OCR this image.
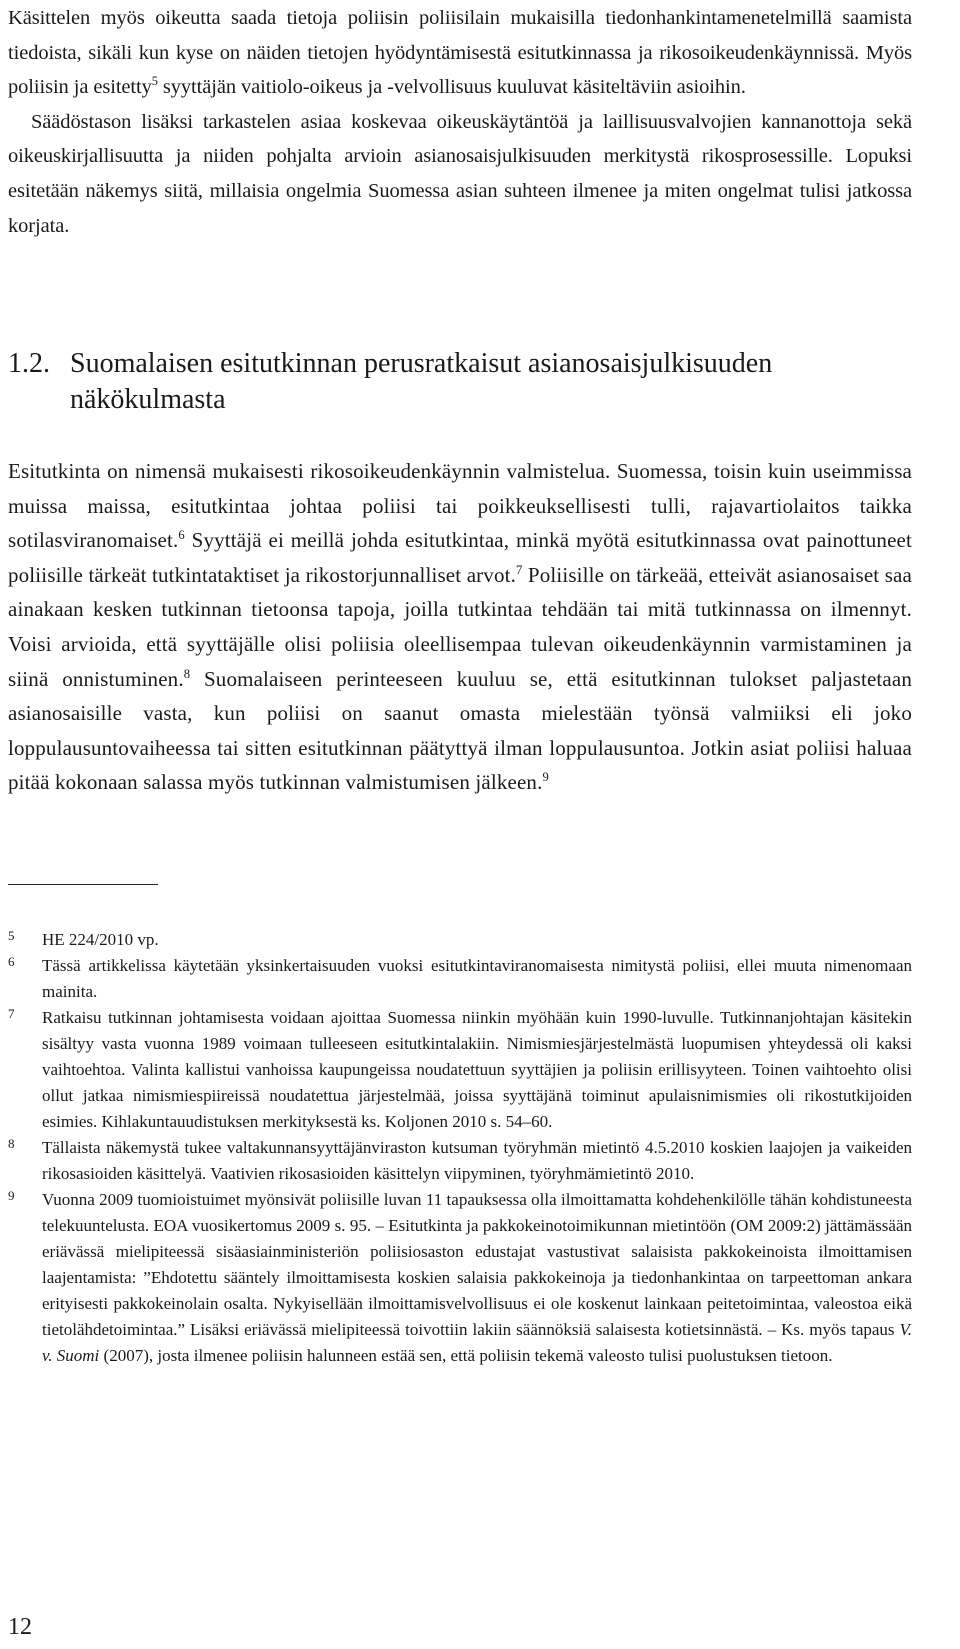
Käsittelen myös oikeutta saada tietoja poliisin poliisilain mukaisilla tiedonhankintamenetelmillä saamista tiedoista, sikäli kun kyse on näiden tietojen hyödyntämisestä esitutkinnassa ja rikosoikeudenkäynnissä. Myös poliisin ja esitetty$^5$ syyttäjän vaitiolo-oikeus ja -velvollisuus kuuluvat käsiteltäviin asioihin.

Säädöstason lisäksi tarkastelen asiaa koskevaa oikeuskäytäntöä ja laillisuusvalvojien kannanottoja sekä oikeuskirjallisuutta ja niiden pohjalta arvioin asianosaisjulkisuuden merkitystä rikosprosessille. Lopuksi esitetään näkemys siitä, millaisia ongelmia Suomessa asian suhteen ilmenee ja miten ongelmat tulisi jatkossa korjata.

1.2. Suomalaisen esitutkinnan perusratkaisut asianosaisjulkisuuden näkökulmasta

Esitutkinta on nimensä mukaisesti rikosoikeudenkäynnin valmistelua. Suomessa, toisin kuin useimmissa muissa maissa, esitutkintaa johtaa poliisi tai poikkeuksellisesti tulli, rajavartiolaitos taikka sotilasviranomaiset.$^6$ Syyttäjä ei meillä johda esitutkintaa, minkä myötä esitutkinnassa ovat painottuneet poliisille tärkeät tutkintataktiset ja rikostorjunnalliset arvot.$^7$ Poliisille on tärkeää, etteivät asianosaiset saa ainakaan kesken tutkinnan tietoonsa tapoja, joilla tutkintaa tehdään tai mitä tutkinnassa on ilmennyt. Voisi arvioida, että syyttäjälle olisi poliisia oleellisempaa tulevan oikeudenkäynnin varmistaminen ja siinä onnistuminen.$^8$ Suomalaiseen perinteeseen kuuluu se, että esitutkinnan tulokset paljastetaan asianosaisille vasta, kun poliisi on saanut omasta mielestään työnsä valmiiksi eli joko loppulausuntovaiheessa tai sitten esitutkinnan päätyttyä ilman loppulausuntoa. Jotkin asiat poliisi haluaa pitää kokonaan salassa myös tutkinnan valmistumisen jälkeen.$^9$

5 HE 224/2010 vp.
6 Tässä artikkelissa käytetään yksinkertaisuuden vuoksi esitutkintaviranomaisesta nimitystä poliisi, ellei muuta nimenomaan mainita.
7 Ratkaisu tutkinnan johtamisesta voidaan ajoittaa Suomessa niinkin myöhään kuin 1990-luvulle. Tutkinnanjohtajan käsitekin sisältyy vasta vuonna 1989 voimaan tulleeseen esitutkintalakiin. Nimismiesjärjestelmästä luopumisen yhteydessä oli kaksi vaihtoehtoa. Valinta kallistui vanhoissa kaupungeissa noudatettuun syyttäjien ja poliisin erillisyyteen. Toinen vaihtoehto olisi ollut jatkaa nimismiespiireissä noudatettua järjestelmää, joissa syyttäjänä toiminut apulaisnimismies oli rikostutkijoiden esimies. Kihlakuntauudistuksen merkityksestä ks. Koljonen 2010 s. 54–60.
8 Tällaista näkemystä tukee valtakunnansyyttäjänviraston kutsuman työryhmän mietintö 4.5.2010 koskien laajojen ja vaikeiden rikosasioiden käsittelyä. Vaativien rikosasioiden käsittelyn viipyminen, työryhmämietintö 2010.
9 Vuonna 2009 tuomioistuimet myönsivät poliisille luvan 11 tapauksessa olla ilmoittamatta kohdehenkilölle tähän kohdistuneesta telekuuntelusta. EOA vuosikertomus 2009 s. 95. – Esitutkinta ja pakkokeinotoimikunnan mietintöön (OM 2009:2) jättämässään eriävässä mielipiteessä sisäasiainministeriön poliisiosaston edustajat vastustivat salaisista pakkokeinoista ilmoittamisen laajentamista: ”Ehdotettu sääntely ilmoittamisesta koskien salaisia pakkokeinoja ja tiedonhankintaa on tarpeettoman ankara erityisesti pakkokeinolain osalta. Nykyisellään ilmoittamisvelvollisuus ei ole koskenut lainkaan peitetoimintaa, valeostoa eikä tietolähdetoimintaa.” Lisäksi eriävässä mielipiteessä toivottiin lakiin säännöksiä salaisesta kotietsinnästä. – Ks. myös tapaus V. v. Suomi (2007), josta ilmenee poliisin halunneen estää sen, että poliisin tekemä valeosto tulisi puolustuksen tietoon.
12
